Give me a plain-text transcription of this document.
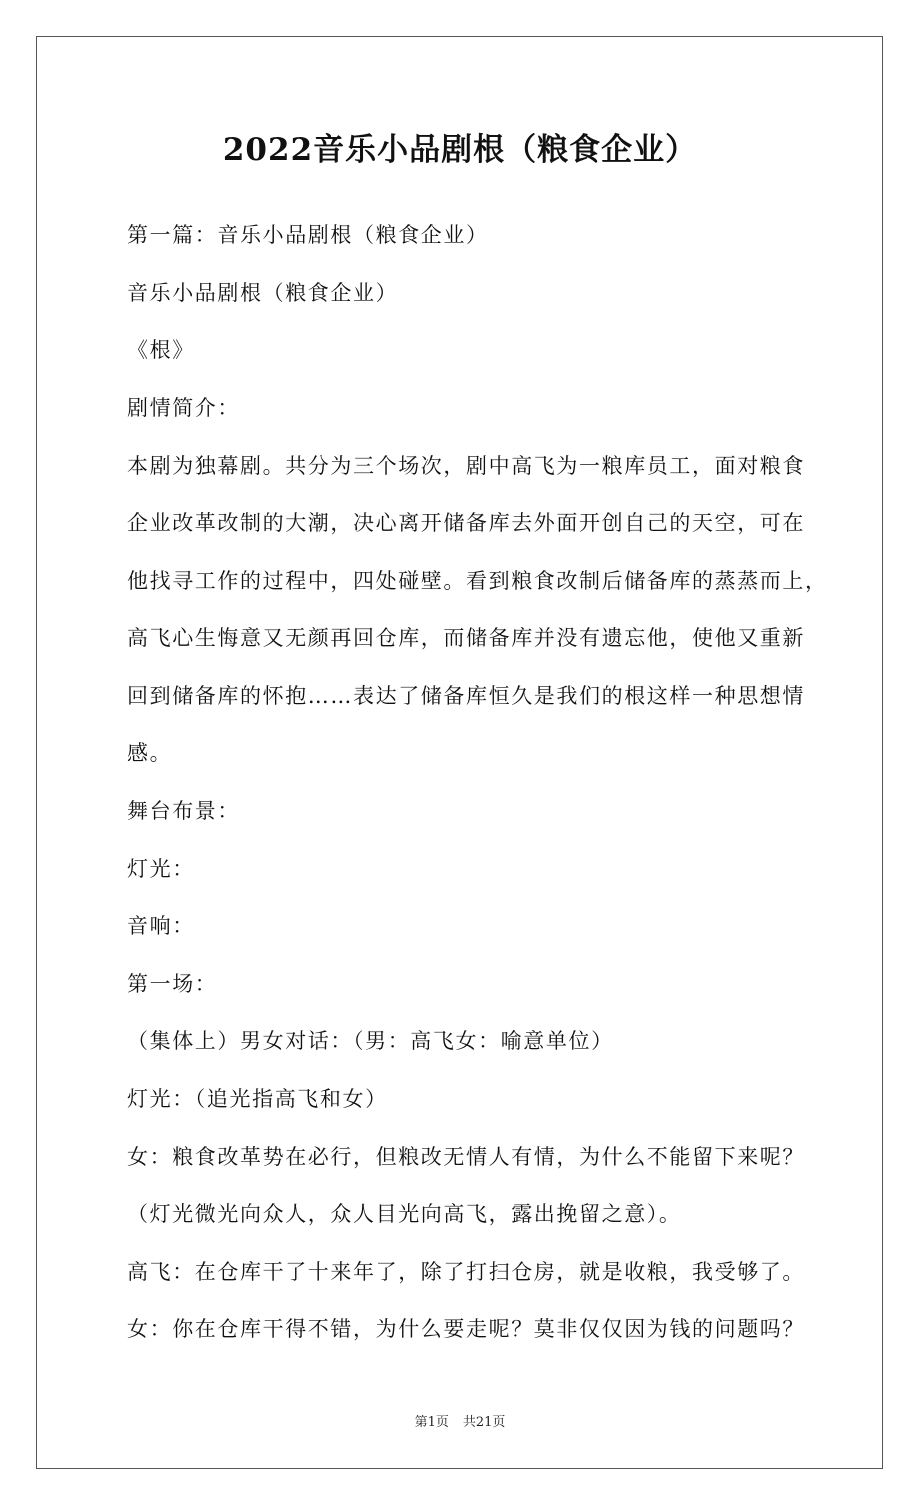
2022音乐小品剧根（粮食企业）
第一篇：音乐小品剧根（粮食企业）
音乐小品剧根（粮食企业）
《根》
剧情简介：
本剧为独幕剧。共分为三个场次，剧中高飞为一粮库员工，面对粮食
企业改革改制的大潮，决心离开储备库去外面开创自己的天空，可在
他找寻工作的过程中，四处碰壁。看到粮食改制后储备库的蒸蒸而上，
高飞心生悔意又无颜再回仓库，而储备库并没有遗忘他，使他又重新
回到储备库的怀抱……表达了储备库恒久是我们的根这样一种思想情
感。
舞台布景：
灯光：
音响：
第一场：
（集体上）男女对话：（男：高飞女：喻意单位）
灯光：（追光指高飞和女）
女：粮食改革势在必行，但粮改无情人有情，为什么不能留下来呢？
（灯光微光向众人，众人目光向高飞，露出挽留之意）。
高飞：在仓库干了十来年了，除了打扫仓房，就是收粮，我受够了。
女：你在仓库干得不错，为什么要走呢？莫非仅仅因为钱的问题吗？
第1页 共21页
